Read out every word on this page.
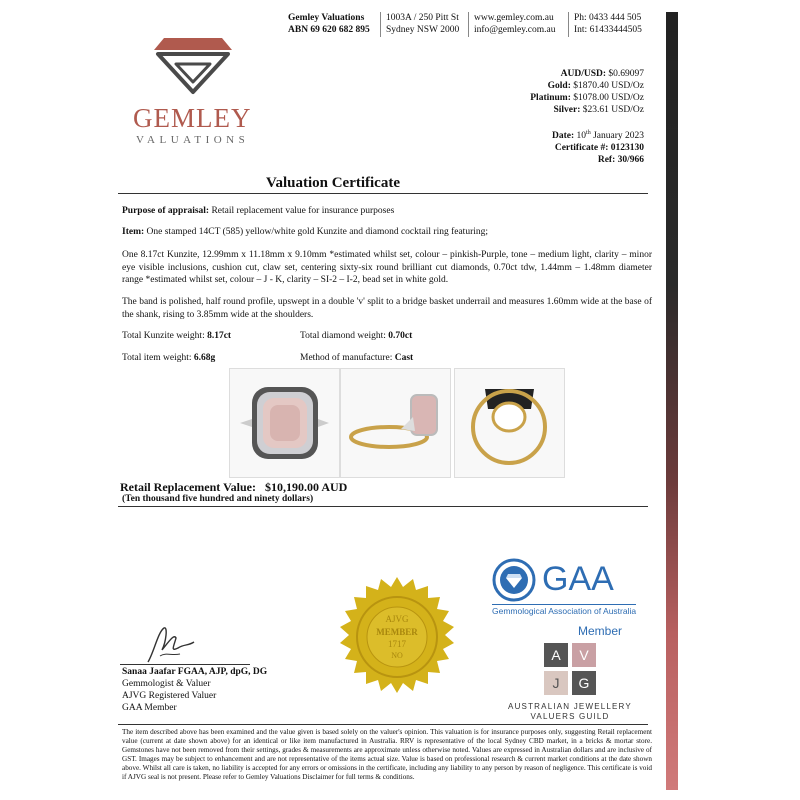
Gemley Valuations
ABN 69 620 682 895
1003A / 250 Pitt St
Sydney NSW 2000
www.gemley.com.au
info@gemley.com.au
Ph: 0433 444 505
Int: 61433444505
GEMLEY
VALUATIONS
AUD/USD: $0.69097
Gold: $1870.40 USD/Oz
Platinum: $1078.00 USD/Oz
Silver: $23.61 USD/Oz
Date: 10th January 2023
Certificate #: 0123130
Ref: 30/966
Valuation Certificate
Purpose of appraisal: Retail replacement value for insurance purposes
Item: One stamped 14CT (585) yellow/white gold Kunzite and diamond cocktail ring featuring;
One 8.17ct Kunzite, 12.99mm x 11.18mm x 9.10mm *estimated whilst set, colour – pinkish-Purple, tone – medium light, clarity – minor eye visible inclusions, cushion cut, claw set, centering sixty-six round brilliant cut diamonds, 0.70ct tdw, 1.44mm – 1.48mm diameter range *estimated whilst set, colour – J - K, clarity – SI-2 – I-2, bead set in white gold.
The band is polished, half round profile, upswept in a double 'v' split to a bridge basket underrail and measures 1.60mm wide at the base of the shank, rising to 3.85mm wide at the shoulders.
Total Kunzite weight: 8.17ct	Total diamond weight: 0.70ct
Total item weight: 6.68g	Method of manufacture: Cast
Retail Replacement Value: $10,190.00 AUD
(Ten thousand five hundred and ninety dollars)
AJVG
MEMBER
1717
NO
GAA
Gemmological Association of Australia
Member
A V
J G
AUSTRALIAN JEWELLERY
VALUERS GUILD
Sanaa Jaafar FGAA, AJP, dpG, DG
Gemmologist & Valuer
AJVG Registered Valuer
GAA Member
The item described above has been examined and the value given is based solely on the valuer's opinion. This valuation is for insurance purposes only, suggesting Retail replacement value (current at date shown above) for an identical or like item manufactured in Australia. RRV is representative of the local Sydney CBD market, in a bricks & mortar store. Gemstones have not been removed from their settings, grades & measurements are approximate unless otherwise noted. Values are expressed in Australian dollars and are inclusive of GST. Images may be subject to enhancement and are not representative of the items actual size. Value is based on professional research & current market conditions at the date shown above. Whilst all care is taken, no liability is accepted for any errors or omissions in the certificate, including any liability to any person by reason of negligence. This certificate is void if AJVG seal is not present. Please refer to Gemley Valuations Disclaimer for full terms & conditions.
